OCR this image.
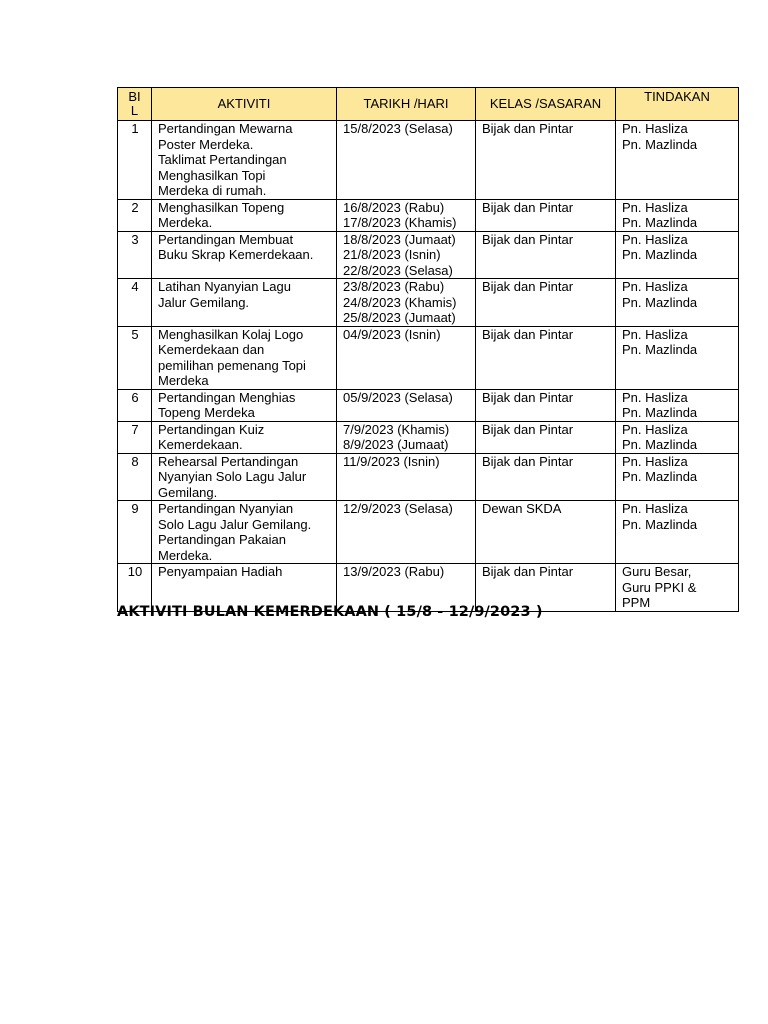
BI
L	AKTIVITI	TARIKH /HARI	KELAS /SASARAN	TINDAKAN
1	Pertandingan Mewarna
Poster Merdeka.
Taklimat Pertandingan
Menghasilkan Topi
Merdeka di rumah.	15/8/2023 (Selasa)	Bijak dan Pintar	Pn. Hasliza
Pn. Mazlinda

2	Menghasilkan Topeng
Merdeka.	16/8/2023 (Rabu)
17/8/2023 (Khamis)	Bijak dan Pintar	Pn. Hasliza
Pn. Mazlinda

3	Pertandingan Membuat
Buku Skrap Kemerdekaan.	18/8/2023 (Jumaat)
21/8/2023 (Isnin)
22/8/2023 (Selasa)	Bijak dan Pintar	Pn. Hasliza
Pn. Mazlinda

4	Latihan Nyanyian Lagu
Jalur Gemilang.	23/8/2023 (Rabu)
24/8/2023 (Khamis)
25/8/2023 (Jumaat)	Bijak dan Pintar	Pn. Hasliza
Pn. Mazlinda

5	Menghasilkan Kolaj Logo
Kemerdekaan dan
pemilihan pemenang Topi
Merdeka	04/9/2023 (Isnin)	Bijak dan Pintar	Pn. Hasliza
Pn. Mazlinda

6	Pertandingan Menghias
Topeng Merdeka	05/9/2023 (Selasa)	Bijak dan Pintar	Pn. Hasliza
Pn. Mazlinda

7	Pertandingan Kuiz
Kemerdekaan.	7/9/2023 (Khamis)
8/9/2023 (Jumaat)	Bijak dan Pintar	Pn. Hasliza
Pn. Mazlinda

8	Rehearsal Pertandingan
Nyanyian Solo Lagu Jalur
Gemilang.	11/9/2023 (Isnin)	Bijak dan Pintar	Pn. Hasliza
Pn. Mazlinda

9	Pertandingan Nyanyian
Solo Lagu Jalur Gemilang.
Pertandingan Pakaian
Merdeka.	12/9/2023 (Selasa)	Dewan SKDA	Pn. Hasliza
Pn. Mazlinda

10	Penyampaian Hadiah	13/9/2023 (Rabu)	Bijak dan Pintar	Guru Besar,
Guru PPKI &
PPM
AKTIVITI BULAN KEMERDEKAAN ( 15/8 - 12/9/2023 )
